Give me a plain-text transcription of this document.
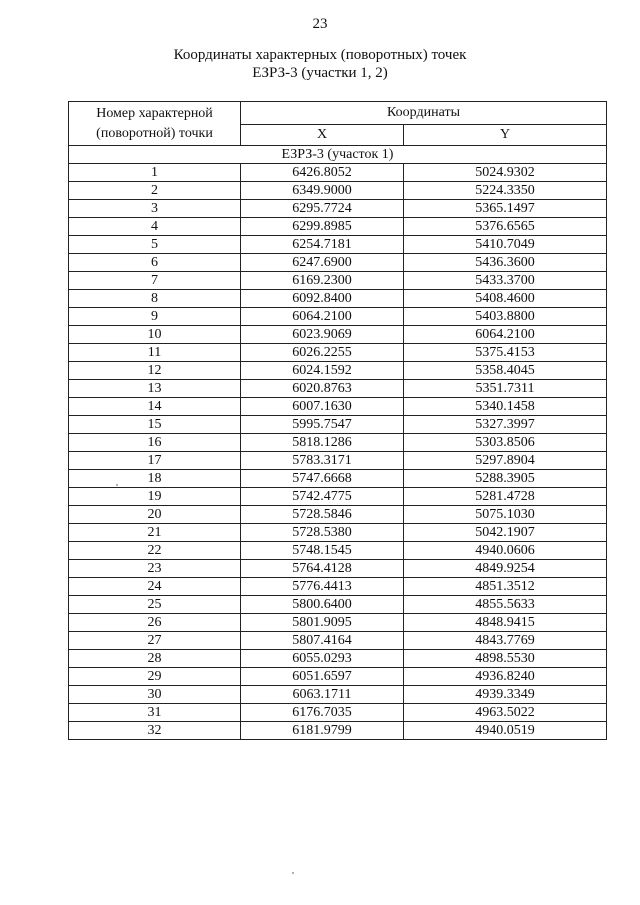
23
Координаты характерных (поворотных) точек
ЕЗРЗ-3 (участки 1, 2)
Номер характерной
(поворотной) точки	Координаты	
	X	Y
ЕЗРЗ-3 (участок 1)		
1	6426.8052	5024.9302
2	6349.9000	5224.3350
3	6295.7724	5365.1497
4	6299.8985	5376.6565
5	6254.7181	5410.7049
6	6247.6900	5436.3600
7	6169.2300	5433.3700
8	6092.8400	5408.4600
9	6064.2100	5403.8800
10	6023.9069	6064.2100
11	6026.2255	5375.4153
12	6024.1592	5358.4045
13	6020.8763	5351.7311
14	6007.1630	5340.1458
15	5995.7547	5327.3997
16	5818.1286	5303.8506
17	5783.3171	5297.8904
18	5747.6668	5288.3905
19	5742.4775	5281.4728
20	5728.5846	5075.1030
21	5728.5380	5042.1907
22	5748.1545	4940.0606
23	5764.4128	4849.9254
24	5776.4413	4851.3512
25	5800.6400	4855.5633
26	5801.9095	4848.9415
27	5807.4164	4843.7769
28	6055.0293	4898.5530
29	6051.6597	4936.8240
30	6063.1711	4939.3349
31	6176.7035	4963.5022
32	6181.9799	4940.0519
